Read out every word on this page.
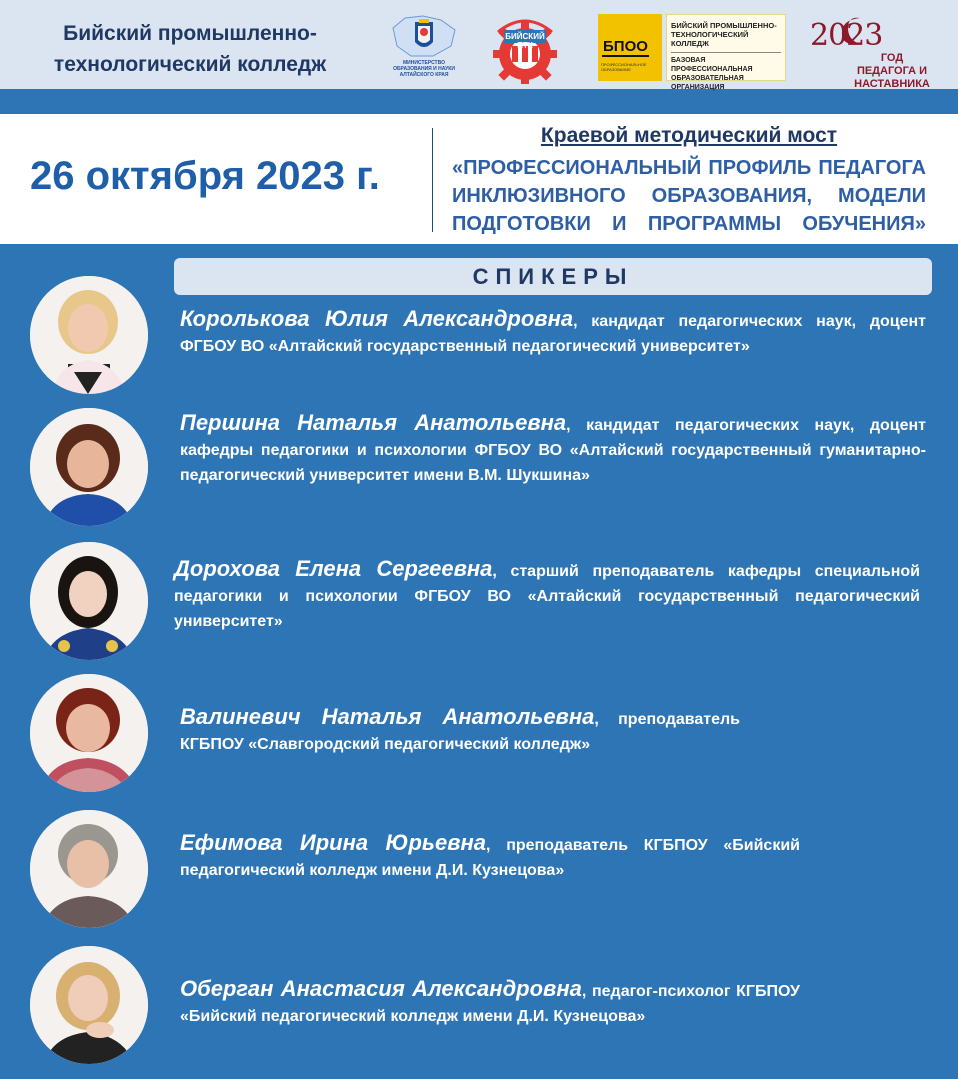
Бийский промышленно-технологический колледж	МИНИСТЕРСТВО ОБРАЗОВАНИЯ И НАУКИ АЛТАЙСКОГО КРАЯ
БИЙСКИЙ ПТК	БПОО
ПРОФЕССИОНАЛЬНОЕ ОБРАЗОВАНИЕ
БИЙСКИЙ ПРОМЫШЛЕННО-ТЕХНОЛОГИЧЕСКИЙ КОЛЛЕДЖ
БАЗОВАЯ ПРОФЕССИОНАЛЬНАЯ ОБРАЗОВАТЕЛЬНАЯ ОРГАНИЗАЦИЯ
2023
ГОД ПЕДАГОГА И НАСТАВНИКА
26 октября 2023 г.
Краевой методический мост
«ПРОФЕССИОНАЛЬНЫЙ ПРОФИЛЬ ПЕДАГОГА ИНКЛЮЗИВНОГО ОБРАЗОВАНИЯ, МОДЕЛИ ПОДГОТОВКИ И ПРОГРАММЫ ОБУЧЕНИЯ»
СПИКЕРЫ
Королькова Юлия Александровна, кандидат педагогических наук, доцент ФГБОУ ВО «Алтайский государственный педагогический университет»
Першина Наталья Анатольевна, кандидат педагогических наук, доцент кафедры педагогики и психологии ФГБОУ ВО «Алтайский государственный гуманитарно-педагогический университет имени В.М. Шукшина»
Дорохова Елена Сергеевна, старший преподаватель кафедры специальной педагогики и психологии ФГБОУ ВО «Алтайский государственный педагогический университет»
Валиневич Наталья Анатольевна, преподаватель КГБПОУ «Славгородский педагогический колледж»
Ефимова Ирина Юрьевна, преподаватель КГБПОУ «Бийский педагогический колледж имени Д.И. Кузнецова»
Оберган Анастасия Александровна, педагог-психолог КГБПОУ «Бийский педагогический колледж имени Д.И. Кузнецова»
